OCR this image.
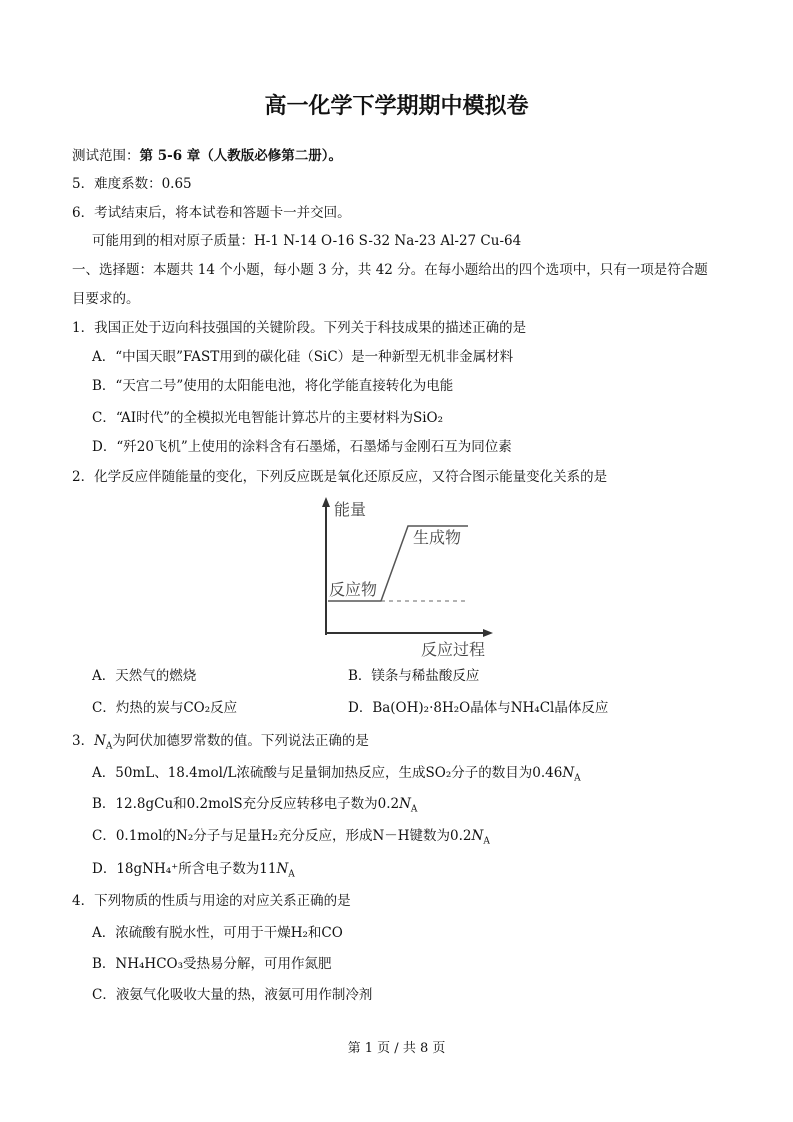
高一化学下学期期中模拟卷
测试范围：第 5-6 章（人教版必修第二册）。
5．难度系数：0.65
6．考试结束后，将本试卷和答题卡一并交回。
可能用到的相对原子质量：H-1 N-14 O-16 S-32 Na-23 Al-27 Cu-64
一、选择题：本题共 14 个小题，每小题 3 分，共 42 分。在每小题给出的四个选项中，只有一项是符合题
目要求的。
1．我国正处于迈向科技强国的关键阶段。下列关于科技成果的描述正确的是
A．“中国天眼”FAST用到的碳化硅（SiC）是一种新型无机非金属材料
B．“天宫二号”使用的太阳能电池，将化学能直接转化为电能
C．“AI时代”的全模拟光电智能计算芯片的主要材料为SiO₂
D．“歼20飞机”上使用的涂料含有石墨烯，石墨烯与金刚石互为同位素
2．化学反应伴随能量的变化，下列反应既是氧化还原反应，又符合图示能量变化关系的是
能量
生成物
反应物
反应过程
A．天然气的燃烧	B．镁条与稀盐酸反应
C．灼热的炭与CO₂反应	D．Ba(OH)₂·8H₂O晶体与NH₄Cl晶体反应
3．$N_A$为阿伏加德罗常数的值。下列说法正确的是
A．50mL、18.4mol/L浓硫酸与足量铜加热反应，生成SO₂分子的数目为$0.46N_A$
B．12.8gCu和0.2molS充分反应转移电子数为$0.2N_A$
C．0.1mol的N₂分子与足量H₂充分反应，形成N－H键数为$0.2N_A$
D．18gNH₄⁺所含电子数为$11N_A$
4．下列物质的性质与用途的对应关系正确的是
A．浓硫酸有脱水性，可用于干燥H₂和CO
B．NH₄HCO₃受热易分解，可用作氮肥
C．液氨气化吸收大量的热，液氨可用作制冷剂
第 1 页 / 共 8 页
